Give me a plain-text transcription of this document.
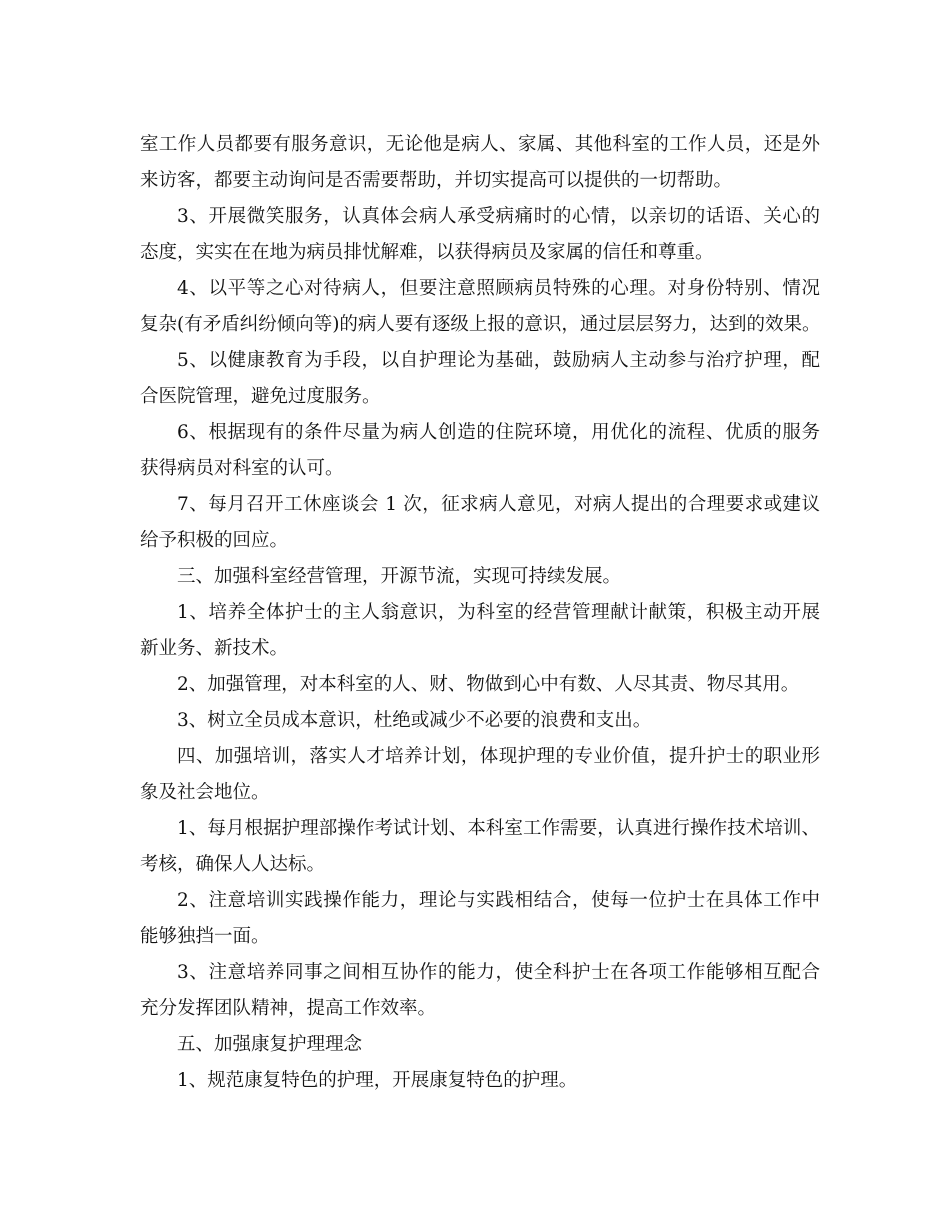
室工作人员都要有服务意识，无论他是病人、家属、其他科室的工作人员，还是外
来访客，都要主动询问是否需要帮助，并切实提高可以提供的一切帮助。
3、开展微笑服务，认真体会病人承受病痛时的心情，以亲切的话语、关心的
态度，实实在在地为病员排忧解难，以获得病员及家属的信任和尊重。
4、以平等之心对待病人，但要注意照顾病员特殊的心理。对身份特别、情况
复杂(有矛盾纠纷倾向等)的病人要有逐级上报的意识，通过层层努力，达到的效果。
5、以健康教育为手段，以自护理论为基础，鼓励病人主动参与治疗护理，配
合医院管理，避免过度服务。
6、根据现有的条件尽量为病人创造的住院环境，用优化的流程、优质的服务
获得病员对科室的认可。
7、每月召开工休座谈会 1 次，征求病人意见，对病人提出的合理要求或建议
给予积极的回应。
三、加强科室经营管理，开源节流，实现可持续发展。
1、培养全体护士的主人翁意识，为科室的经营管理献计献策，积极主动开展
新业务、新技术。
2、加强管理，对本科室的人、财、物做到心中有数、人尽其责、物尽其用。
3、树立全员成本意识，杜绝或减少不必要的浪费和支出。
四、加强培训，落实人才培养计划，体现护理的专业价值，提升护士的职业形
象及社会地位。
1、每月根据护理部操作考试计划、本科室工作需要，认真进行操作技术培训、
考核，确保人人达标。
2、注意培训实践操作能力，理论与实践相结合，使每一位护士在具体工作中
能够独挡一面。
3、注意培养同事之间相互协作的能力，使全科护士在各项工作能够相互配合
充分发挥团队精神，提高工作效率。
五、加强康复护理理念
1、规范康复特色的护理，开展康复特色的护理。
